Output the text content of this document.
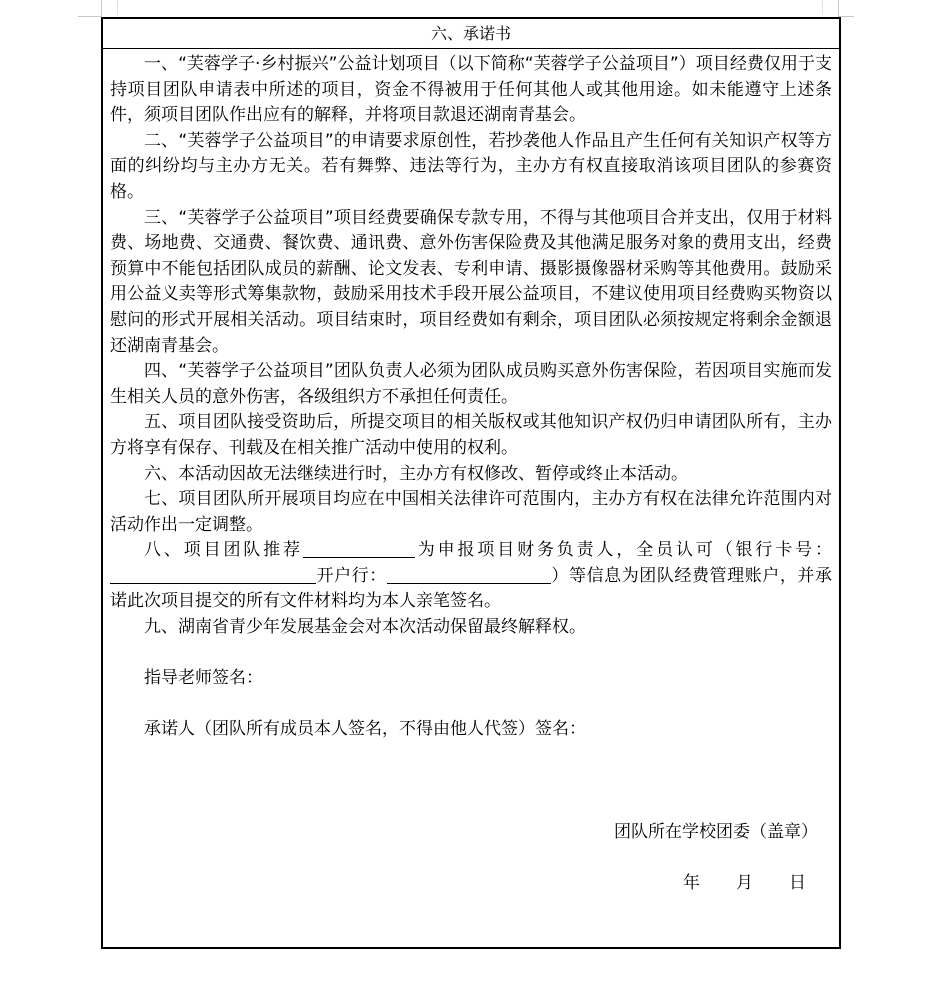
六、承诺书

一、“芙蓉学子·乡村振兴”公益计划项目（以下简称“芙蓉学子公益项目”）项目经费仅用于支持项目团队申请表中所述的项目，资金不得被用于任何其他人或其他用途。如未能遵守上述条件，须项目团队作出应有的解释，并将项目款退还湖南青基会。

二、“芙蓉学子公益项目”的申请要求原创性，若抄袭他人作品且产生任何有关知识产权等方面的纠纷均与主办方无关。若有舞弊、违法等行为，主办方有权直接取消该项目团队的参赛资格。

三、“芙蓉学子公益项目”项目经费要确保专款专用，不得与其他项目合并支出，仅用于材料费、场地费、交通费、餐饮费、通讯费、意外伤害保险费及其他满足服务对象的费用支出，经费预算中不能包括团队成员的薪酬、论文发表、专利申请、摄影摄像器材采购等其他费用。鼓励采用公益义卖等形式筹集款物，鼓励采用技术手段开展公益项目，不建议使用项目经费购买物资以慰问的形式开展相关活动。项目结束时，项目经费如有剩余，项目团队必须按规定将剩余金额退还湖南青基会。

四、“芙蓉学子公益项目”团队负责人必须为团队成员购买意外伤害保险，若因项目实施而发生相关人员的意外伤害，各级组织方不承担任何责任。

五、项目团队接受资助后，所提交项目的相关版权或其他知识产权仍归申请团队所有，主办方将享有保存、刊载及在相关推广活动中使用的权利。

六、本活动因故无法继续进行时，主办方有权修改、暂停或终止本活动。

七、项目团队所开展项目均应在中国相关法律许可范围内，主办方有权在法律允许范围内对活动作出一定调整。

八、项目团队推荐	为申报项目财务负责人，全员认可（银行卡号：开户行：	）等信息为团队经费管理账户，并承诺此次项目提交的所有文件材料均为本人亲笔签名。

九、湖南省青少年发展基金会对本次活动保留最终解释权。

指导老师签名：

承诺人（团队所有成员本人签名，不得由他人代签）签名：

团队所在学校团委（盖章）

年 月 日
